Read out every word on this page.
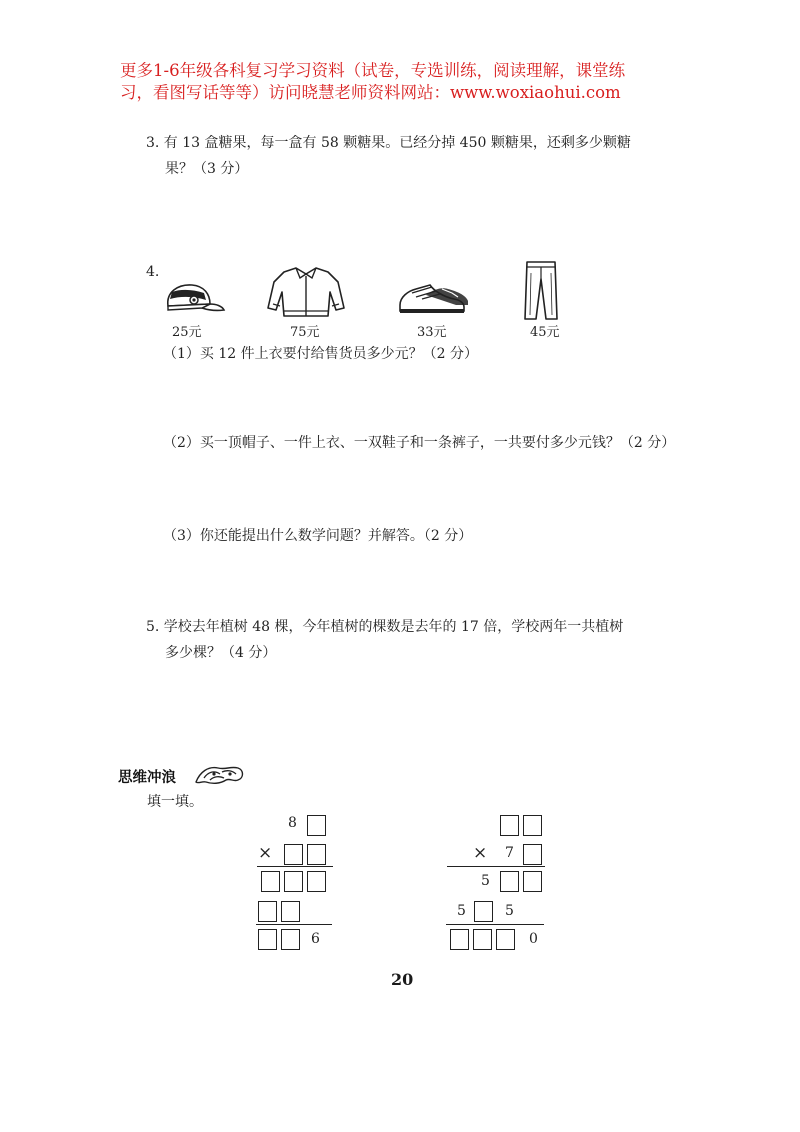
更多1-6年级各科复习学习资料（试卷，专选训练，阅读理解，课堂练
习，看图写话等等）访问晓慧老师资料网站：www.woxiaohui.com
3. 有 13 盒糖果，每一盒有 58 颗糖果。已经分掉 450 颗糖果，还剩多少颗糖
果？（3 分）
4.
25元	75元	33元	45元
（1）买 12 件上衣要付给售货员多少元？（2 分）
（2）买一顶帽子、一件上衣、一双鞋子和一条裤子，一共要付多少元钱？（2 分）
（3）你还能提出什么数学问题？并解答。（2 分）
5. 学校去年植树 48 棵，今年植树的棵数是去年的 17 倍，学校两年一共植树
多少棵？（4 分）
思维冲浪
填一填。
8
×
6
× 7
5
5	5
0
20
